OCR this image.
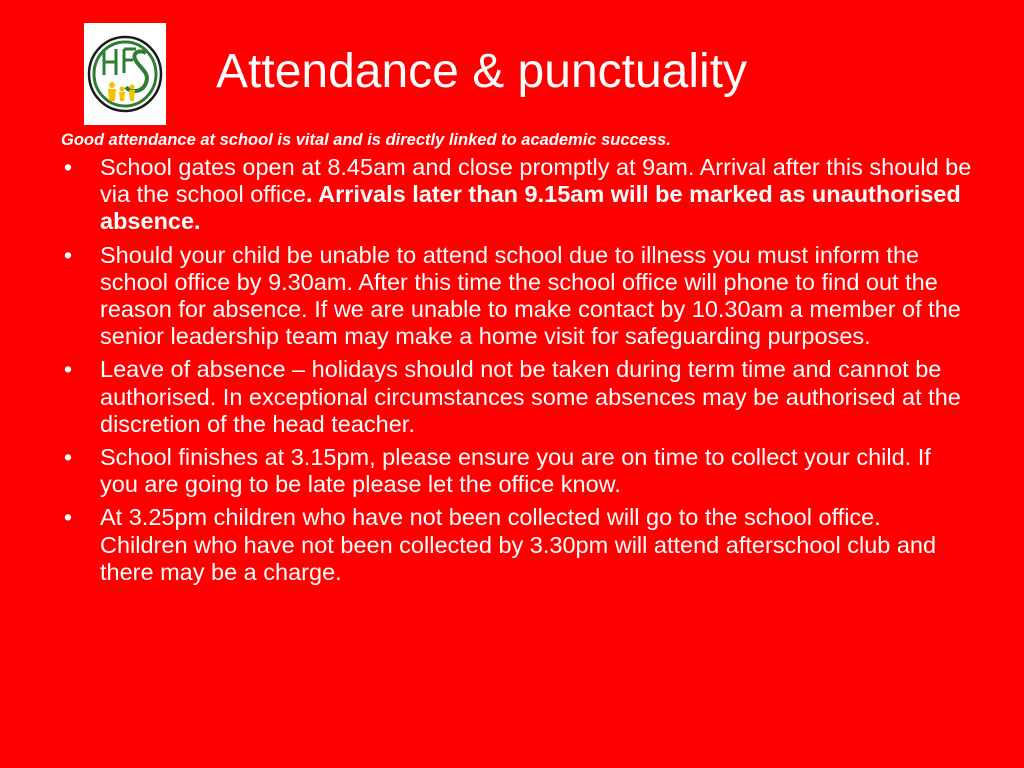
Attendance & punctuality
Good attendance at school is vital and is directly linked to academic success.
• School gates open at 8.45am and close promptly at 9am. Arrival after this should be via the school office. Arrivals later than 9.15am will be marked as unauthorised absence.
• Should your child be unable to attend school due to illness you must inform the school office by 9.30am. After this time the school office will phone to find out the reason for absence. If we are unable to make contact by 10.30am a member of the senior leadership team may make a home visit for safeguarding purposes.
• Leave of absence – holidays should not be taken during term time and cannot be authorised. In exceptional circumstances some absences may be authorised at the discretion of the head teacher.
• School finishes at 3.15pm, please ensure you are on time to collect your child. If you are going to be late please let the office know.
• At 3.25pm children who have not been collected will go to the school office. Children who have not been collected by 3.30pm will attend afterschool club and there may be a charge.
